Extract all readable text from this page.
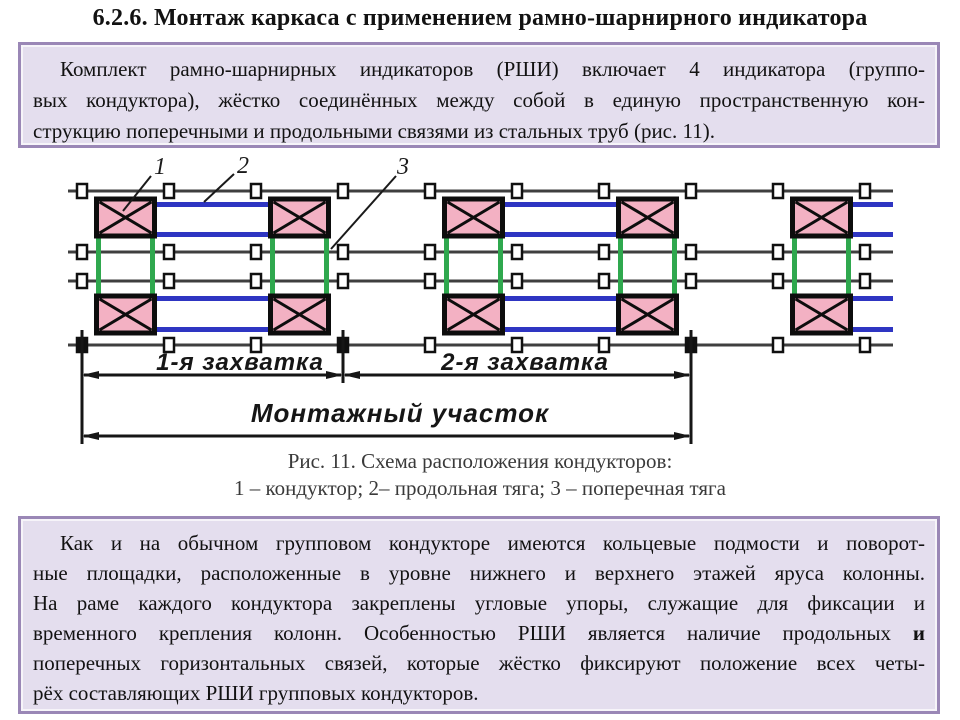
6.2.6. Монтаж каркаса с применением рамно-шарнирного индикатора
Комплект рамно-шарнирных индикаторов (РШИ) включает 4 индикатора (группо-
вых кондуктора), жёстко соединённых между собой в единую пространственную кон-
струкцию поперечными и продольными связями из стальных труб (рис. 11).
1	2	3
1-я захватка	2-я захватка
Монтажный участок
Рис. 11. Схема расположения кондукторов:
1 – кондуктор; 2– продольная тяга; 3 – поперечная тяга
Как и на обычном групповом кондукторе имеются кольцевые подмости и поворот-
ные площадки, расположенные в уровне нижнего и верхнего этажей яруса колонны.
На раме каждого кондуктора закреплены угловые упоры, служащие для фиксации и
временного крепления колонн. Особенностью РШИ является наличие продольных и
поперечных горизонтальных связей, которые жёстко фиксируют положение всех четы-
рёх составляющих РШИ групповых кондукторов.
